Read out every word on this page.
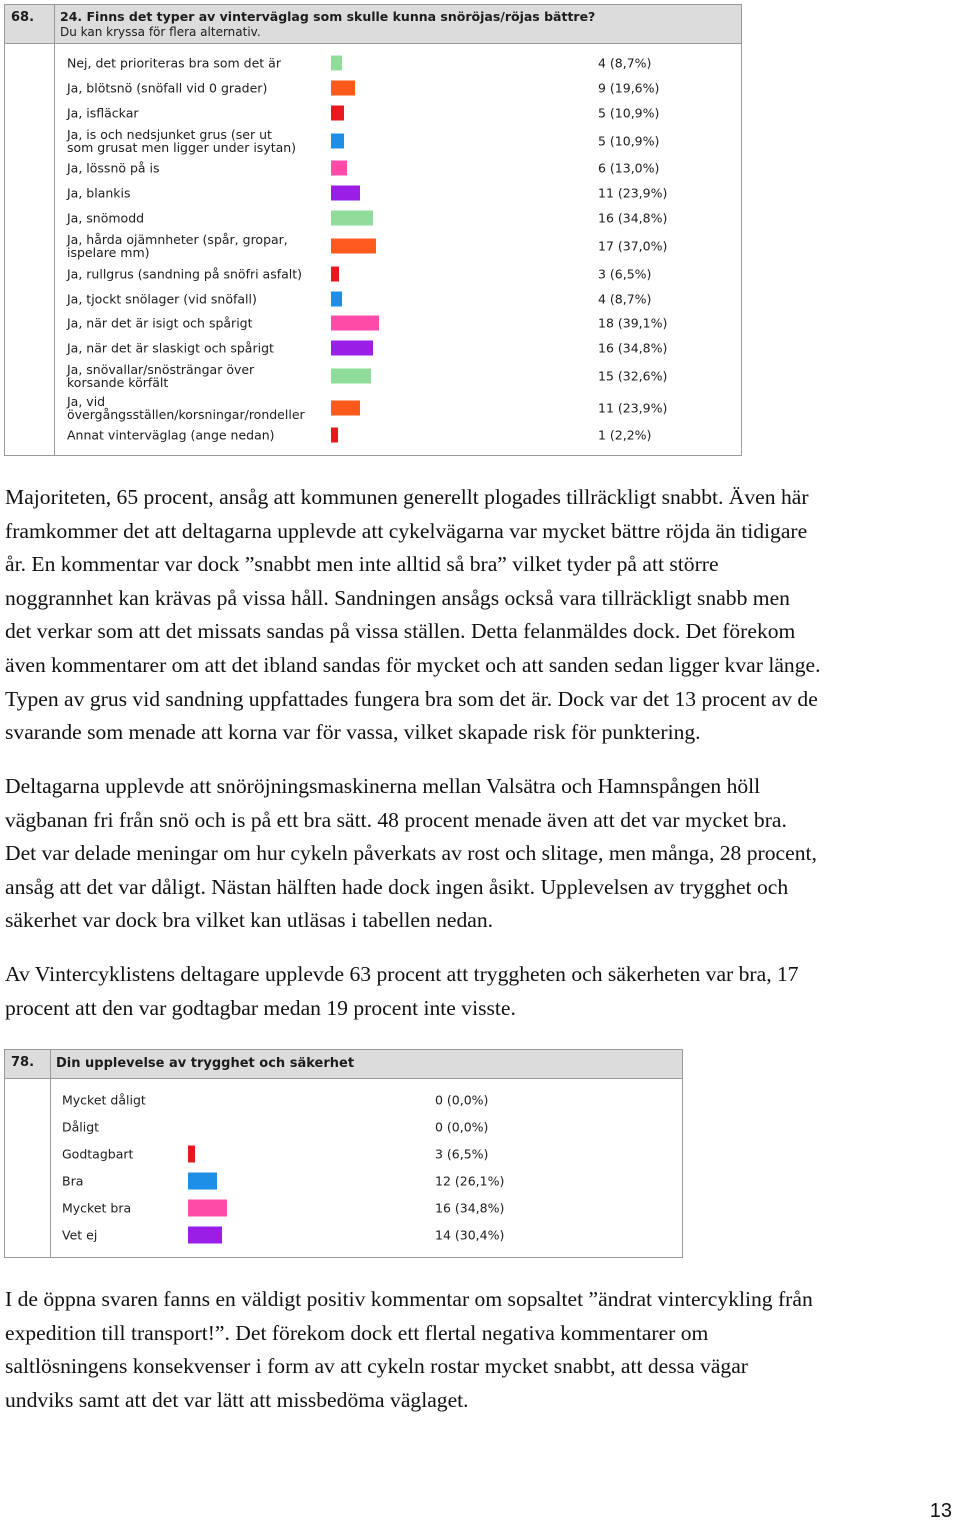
68. 24. Finns det typer av vinterväglag som skulle kunna snöröjas/röjas bättre?
Du kan kryssa för flera alternativ.
Nej, det prioriteras bra som det är	4 (8,7%)
Ja, blötsnö (snöfall vid 0 grader)	9 (19,6%)
Ja, isfläckar	5 (10,9%)
Ja, is och nedsjunket grus (ser ut
som grusat men ligger under isytan)	5 (10,9%)
Ja, lössnö på is	6 (13,0%)
Ja, blankis	11 (23,9%)
Ja, snömodd	16 (34,8%)
Ja, hårda ojämnheter (spår, gropar,
ispelare mm)	17 (37,0%)
Ja, rullgrus (sandning på snöfri asfalt)	3 (6,5%)
Ja, tjockt snölager (vid snöfall)	4 (8,7%)
Ja, när det är isigt och spårigt	18 (39,1%)
Ja, när det är slaskigt och spårigt	16 (34,8%)
Ja, snövallar/snösträngar över
korsande körfält	15 (32,6%)
Ja, vid
övergångsställen/korsningar/rondeller	11 (23,9%)
Annat vinterväglag (ange nedan)	1 (2,2%)
Majoriteten, 65 procent, ansåg att kommunen generellt plogades tillräckligt snabbt. Även här
framkommer det att deltagarna upplevde att cykelvägarna var mycket bättre röjda än tidigare
år. En kommentar var dock ”snabbt men inte alltid så bra” vilket tyder på att större
noggrannhet kan krävas på vissa håll. Sandningen ansågs också vara tillräckligt snabb men
det verkar som att det missats sandas på vissa ställen. Detta felanmäldes dock. Det förekom
även kommentarer om att det ibland sandas för mycket och att sanden sedan ligger kvar länge.
Typen av grus vid sandning uppfattades fungera bra som det är. Dock var det 13 procent av de
svarande som menade att korna var för vassa, vilket skapade risk för punktering.
Deltagarna upplevde att snöröjningsmaskinerna mellan Valsätra och Hamnspången höll
vägbanan fri från snö och is på ett bra sätt. 48 procent menade även att det var mycket bra.
Det var delade meningar om hur cykeln påverkats av rost och slitage, men många, 28 procent,
ansåg att det var dåligt. Nästan hälften hade dock ingen åsikt. Upplevelsen av trygghet och
säkerhet var dock bra vilket kan utläsas i tabellen nedan.
Av Vintercyklistens deltagare upplevde 63 procent att tryggheten och säkerheten var bra, 17
procent att den var godtagbar medan 19 procent inte visste.
78. Din upplevelse av trygghet och säkerhet
Mycket dåligt	0 (0,0%)
Dåligt	0 (0,0%)
Godtagbart	3 (6,5%)
Bra	12 (26,1%)
Mycket bra	16 (34,8%)
Vet ej	14 (30,4%)
I de öppna svaren fanns en väldigt positiv kommentar om sopsaltet ”ändrat vintercykling från
expedition till transport!”. Det förekom dock ett flertal negativa kommentarer om
saltlösningens konsekvenser i form av att cykeln rostar mycket snabbt, att dessa vägar
undviks samt att det var lätt att missbedöma väglaget.
13
